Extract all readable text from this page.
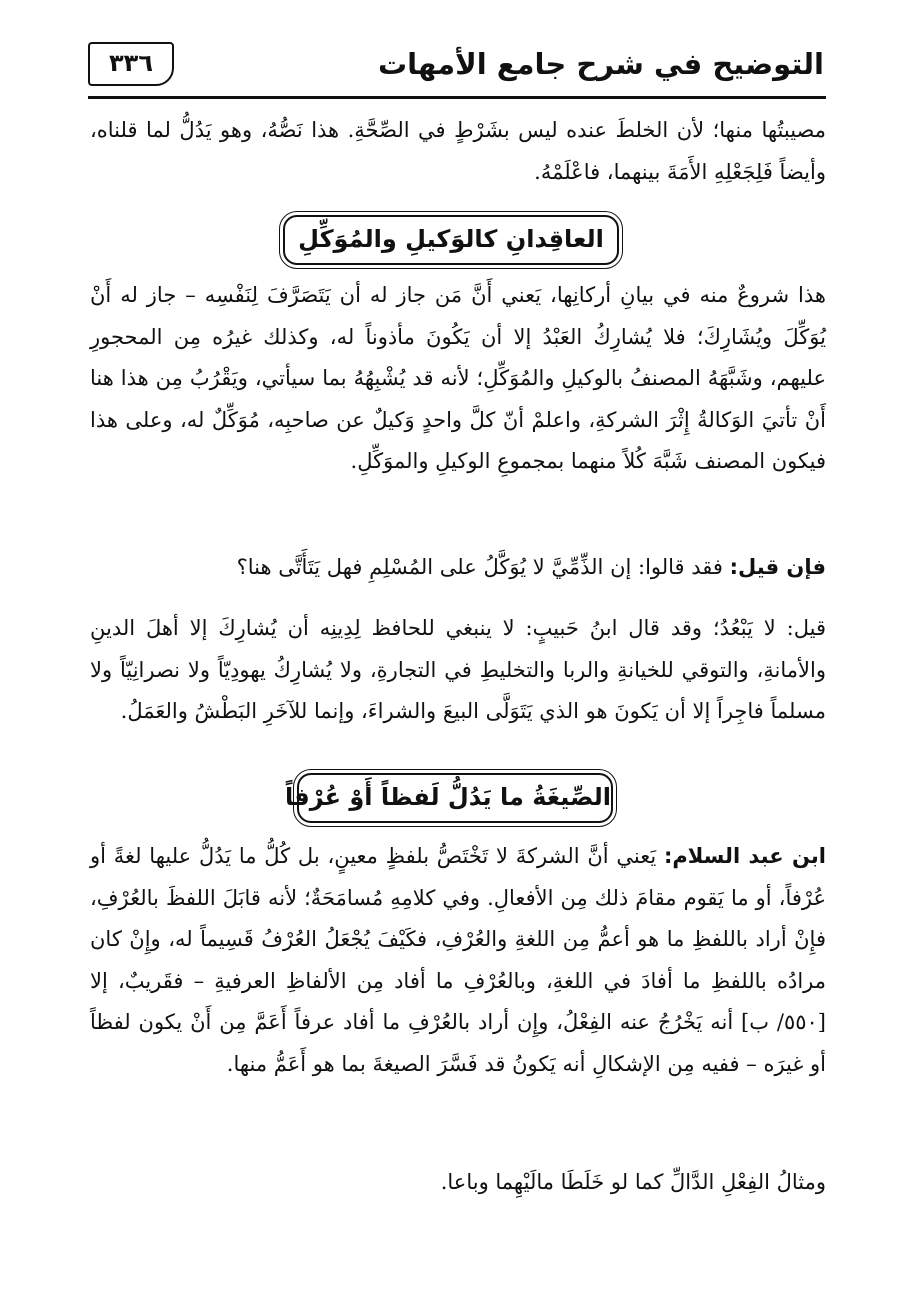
التوضيح في شرح جامع الأمهات
٣٣٦
مصيبتُها منها؛ لأن الخلطَ عنده ليس بشَرْطٍ في الصِّحَّةِ. هذا نَصُّهُ، وهو يَدُلُّ لما قلناه، وأيضاً فَلِجَعْلِهِ الأَمَةَ بينهما، فاعْلَمْهُ.
العاقِدانِ كالوَكيلِ والمُوَكِّلِ
هذا شروعٌ منه في بيانِ أركانِها، يَعني أَنَّ مَن جاز له أن يَتَصَرَّفَ لِنَفْسِه – جاز له أَنْ يُوَكِّلَ ويُشَارِكَ؛ فلا يُشارِكُ العَبْدُ إلا أن يَكُونَ مأذوناً له، وكذلك غيرُه مِن المحجورِ عليهم، وشَبَّهَهُ المصنفُ بالوكيلِ والمُوَكِّلِ؛ لأنه قد يُشْبِهُهُ بما سيأتي، ويَقْرُبُ مِن هذا هنا أَنْ تأتيَ الوَكالةُ إِثْرَ الشركةِ، واعلمْ أنّ كلَّ واحدٍ وَكيلٌ عن صاحبِه، مُوَكِّلٌ له، وعلى هذا فيكون المصنف شَبَّهَ كُلاً منهما بمجموعِ الوكيلِ والموَكِّلِ.
فإن قيل: فقد قالوا: إن الذِّمِّيَّ لا يُوَكَّلُ على المُسْلِمِ فهل يَتَأَتَّى هنا؟
قيل: لا يَبْعُدُ؛ وقد قال ابنُ حَبيبٍ: لا ينبغي للحافظ لِدِينِه أن يُشارِكَ إلا أهلَ الدينِ والأمانةِ، والتوقي للخيانةِ والربا والتخليطِ في التجارةِ، ولا يُشارِكُ يهودِيّاً ولا نصرانِيّاً ولا مسلماً فاجِراً إلا أن يَكونَ هو الذي يَتَوَلَّى البيعَ والشراءَ، وإنما للآخَرِ البَطْشُ والعَمَلُ.
الصِّيغَةُ ما يَدُلُّ لَفظاً أَوْ عُرْفاً
ابن عبد السلام: يَعني أنَّ الشركةَ لا تَخْتَصُّ بلفظٍ معينٍ، بل كُلُّ ما يَدُلُّ عليها لغةً أو عُرْفاً، أو ما يَقوم مقامَ ذلك مِن الأفعالِ. وفي كلامِهِ مُسامَحَةٌ؛ لأنه قابَلَ اللفظَ بالعُرْفِ، فإِنْ أراد باللفظِ ما هو أعمُّ مِن اللغةِ والعُرْفِ، فكَيْفَ يُجْعَلُ العُرْفُ قَسِيماً له، وإِنْ كان مرادُه باللفظِ ما أفادَ في اللغةِ، وبالعُرْفِ ما أفاد مِن الألفاظِ العرفيةِ – فقَريبٌ، إلا [٥٥٠/ ب] أنه يَخْرُجُ عنه الفِعْلُ، وإِن أراد بالعُرْفِ ما أفاد عرفاً أَعَمَّ مِن أَنْ يكون لفظاً أو غيرَه – ففيه مِن الإشكالِ أنه يَكونُ قد فَسَّرَ الصيغةَ بما هو أَعَمُّ منها.
ومثالُ الفِعْلِ الدَّالِّ كما لو خَلَطَا مالَيْهِما وباعا.
